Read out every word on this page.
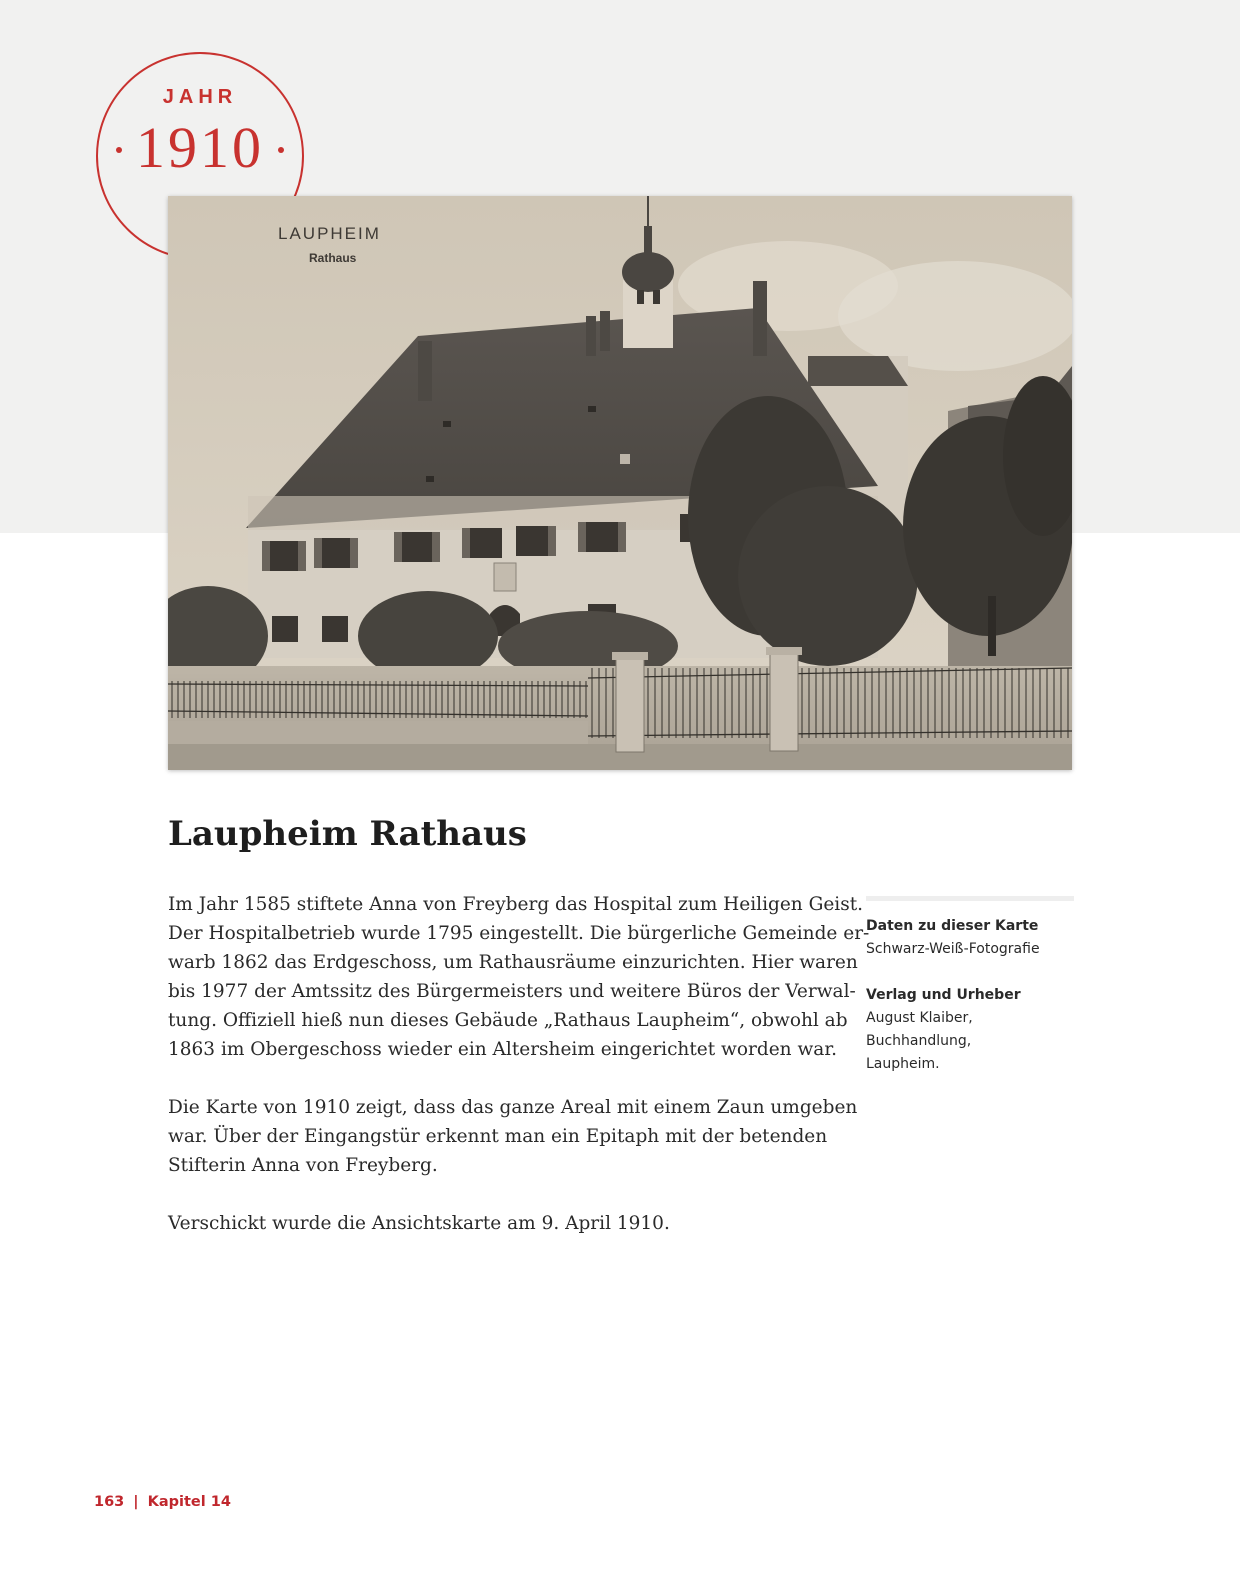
JAHR
1910
LAUPHEIM
Rathaus
Laupheim Rathaus

Im Jahr 1585 stiftete Anna von Freyberg das Hospital zum Heiligen Geist.
Der Hospitalbetrieb wurde 1795 eingestellt. Die bürgerliche Gemeinde er-
warb 1862 das Erdgeschoss, um Rathausräume einzurichten. Hier waren
bis 1977 der Amtssitz des Bürgermeisters und weitere Büros der Verwal-
tung. Offiziell hieß nun dieses Gebäude „Rathaus Laupheim“, obwohl ab
1863 im Obergeschoss wieder ein Altersheim eingerichtet worden war.

Die Karte von 1910 zeigt, dass das ganze Areal mit einem Zaun umgeben
war. Über der Eingangstür erkennt man ein Epitaph mit der betenden
Stifterin Anna von Freyberg.

Verschickt wurde die Ansichtskarte am 9. April 1910.

Daten zu dieser Karte
Schwarz-Weiß-Fotografie
Verlag und Urheber
August Klaiber, Buchhandlung,
Laupheim.
163 | Kapitel 14
